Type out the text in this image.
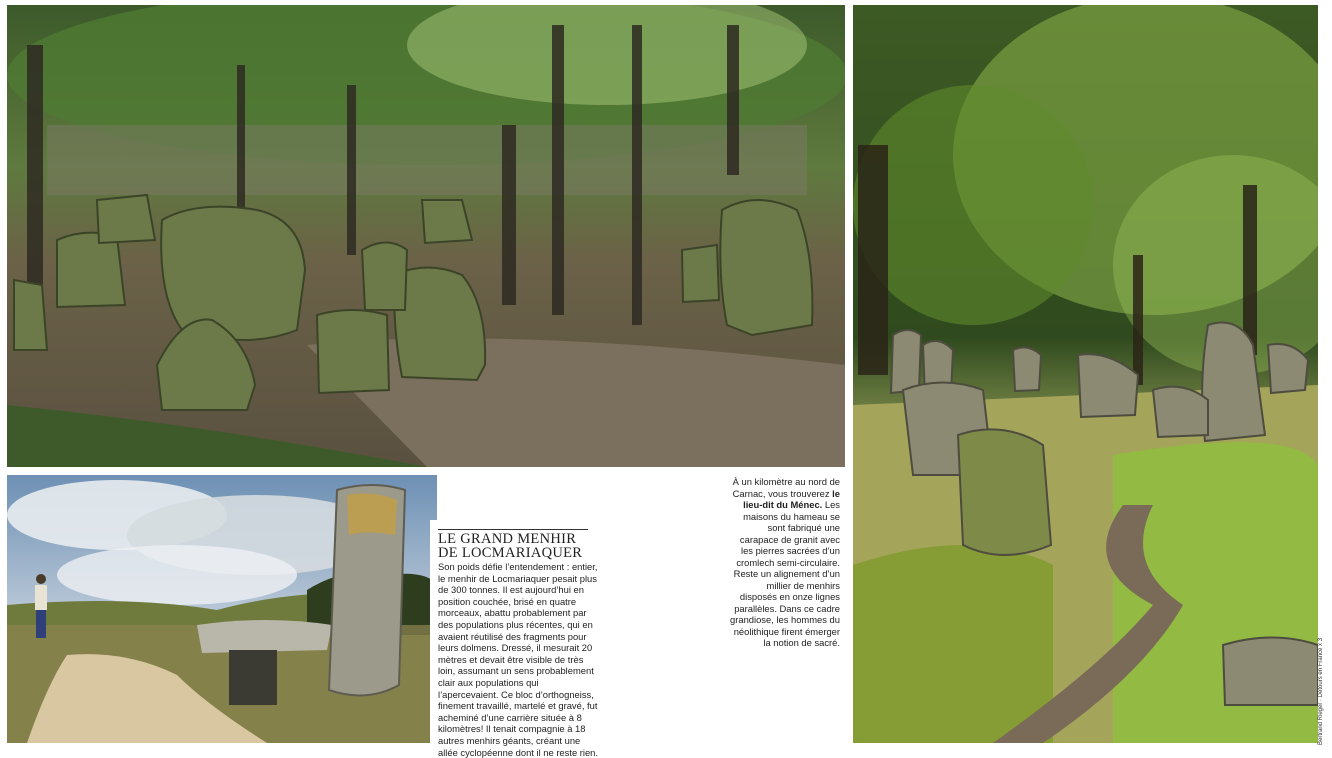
LE GRAND MENHIR
DE LOCMARIAQUER
Son poids défie l’entendement : entier, le menhir de Locmariaquer pesait plus de 300 tonnes. Il est aujourd’hui en position couchée, brisé en quatre morceaux, abattu probablement par des populations plus récentes, qui en avaient réutilisé des fragments pour leurs dolmens. Dressé, il mesurait 20 mètres et devait être visible de très loin, assumant un sens probablement clair aux populations qui l’apercevaient. Ce bloc d’orthogneiss, finement travaillé, martelé et gravé, fut acheminé d’une carrière située à 8 kilomètres! Il tenait compagnie à 18 autres menhirs géants, créant une allée cyclopéenne dont il ne reste rien.
À un kilomètre au nord de Carnac, vous trouverez le lieu-dit du Ménec. Les maisons du hameau se sont fabriqué une carapace de granit avec les pierres sacrées d’un cromlech semi-circulaire. Reste un alignement d’un millier de menhirs disposés en onze lignes parallèles. Dans ce cadre grandiose, les hommes du néolithique firent émerger la notion de sacré.	Bertrand Rieger · Détours en France x 3
